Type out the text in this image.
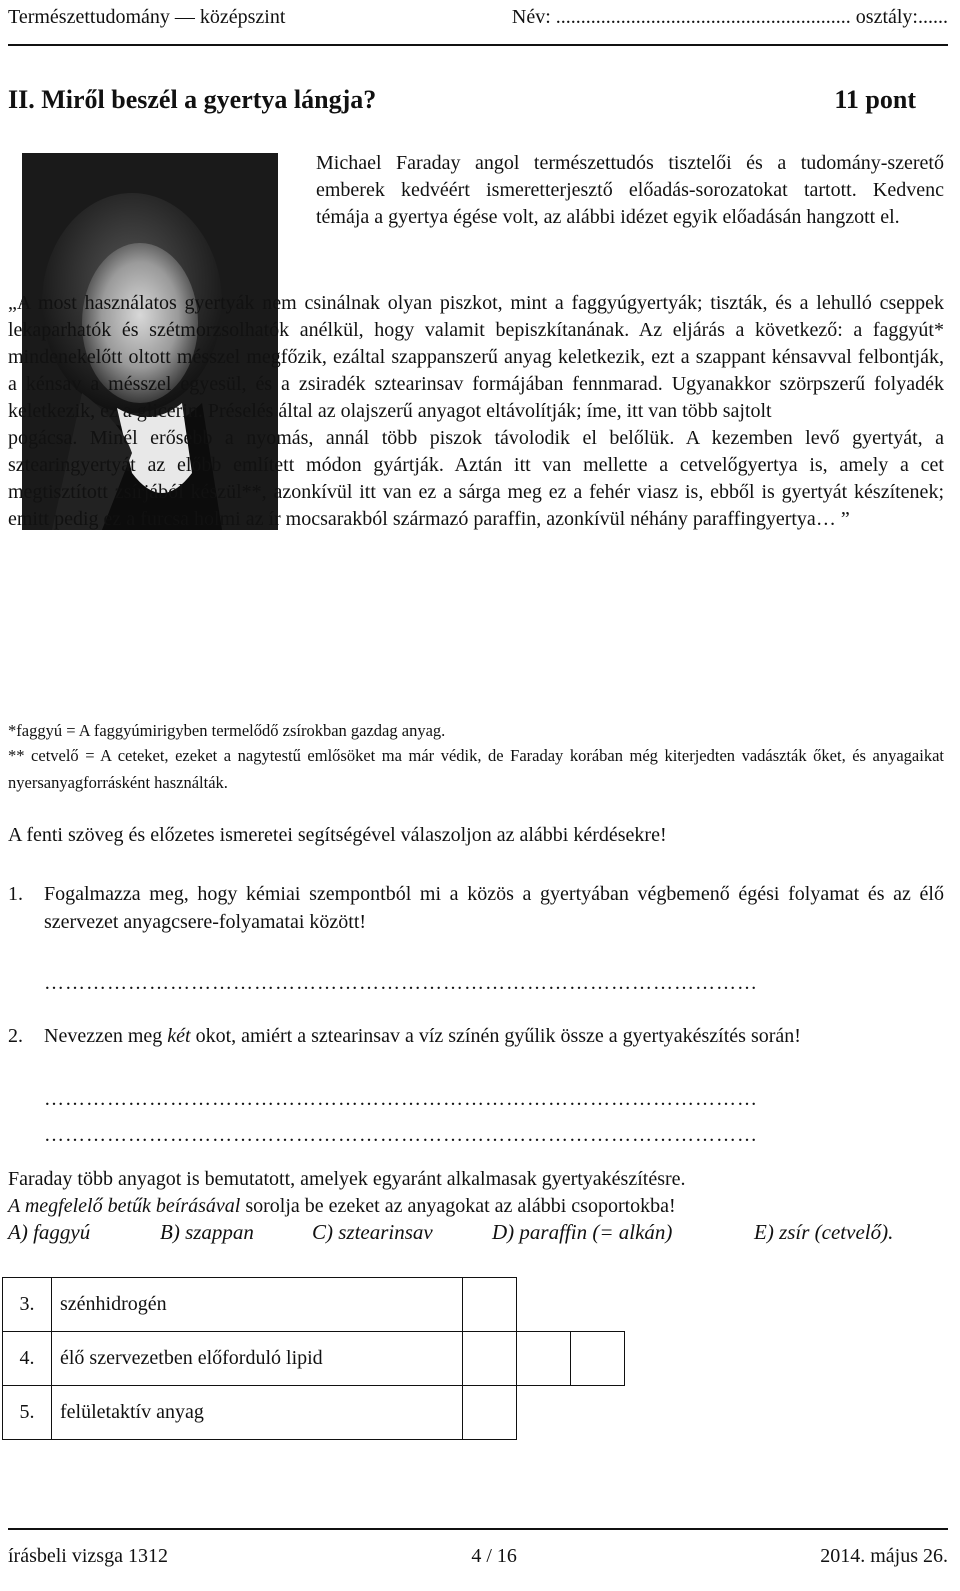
Természettudomány — középszint	Név: ........................................................... osztály:......
II. Miről beszél a gyertya lángja?	11 pont
Michael Faraday angol természettudós tisztelői és a tudomány-szerető emberek kedvéért ismeretterjesztő előadás-sorozatokat tartott. Kedvenc témája a gyertya égése volt, az alábbi idézet egyik előadásán hangzott el.

„A most használatos gyertyák nem csinálnak olyan piszkot, mint a faggyúgyertyák; tiszták, és a lehulló cseppek lekaparhatók és szétmorzsolhatók anélkül, hogy valamit bepiszkítanának. Az eljárás a következő: a faggyút* mindenekelőtt oltott mésszel megfőzik, ezáltal szappanszerű anyag keletkezik, ezt a szappant kénsavval felbontják, a kénsav a mésszel egyesül, és a zsiradék sztearinsav formájában fennmarad. Ugyanakkor szörpszerű folyadék keletkezik, ez a glicerin. Préselés által az olajszerű anyagot eltávolítják; íme, itt van több sajtolt

pogácsa. Minél erősebb a nyomás, annál több piszok távolodik el belőlük. A kezemben levő gyertyát, a sztearingyertyát az előbb említett módon gyártják. Aztán itt van mellette a cetvelőgyertya is, amely a cet megtisztított zsírjából készül**, azonkívül itt van ez a sárga meg ez a fehér viasz is, ebből is gyertyát készítenek; emitt pedig ez a furcsa holmi az ír mocsarakból származó paraffin, azonkívül néhány paraffingyertya… ”

*faggyú = A faggyúmirigyben termelődő zsírokban gazdag anyag.
** cetvelő = A ceteket, ezeket a nagytestű emlősöket ma már védik, de Faraday korában még kiterjedten vadászták őket, és anyagaikat nyersanyagforrásként használták.
A fenti szöveg és előzetes ismeretei segítségével válaszoljon az alábbi kérdésekre!
1.	Fogalmazza meg, hogy kémiai szempontból mi a közös a gyertyában végbemenő égési folyamat és az élő szervezet anyagcsere-folyamatai között!
…………………………………………………………………………………………
2.	Nevezzen meg két okot, amiért a sztearinsav a víz színén gyűlik össze a gyertyakészítés során!
…………………………………………………………………………………………
…………………………………………………………………………………………
Faraday több anyagot is bemutatott, amelyek egyaránt alkalmasak gyertyakészítésre.
A megfelelő betűk beírásával sorolja be ezeket az anyagokat az alábbi csoportokba!
A) faggyú	B) szappan	C) sztearinsav	D) paraffin (= alkán)	E) zsír (cetvelő).
3.	szénhidrogén			
4.	élő szervezetben előforduló lipid			
5.	felületaktív anyag			
írásbeli vizsga 1312	4 / 16	2014. május 26.
